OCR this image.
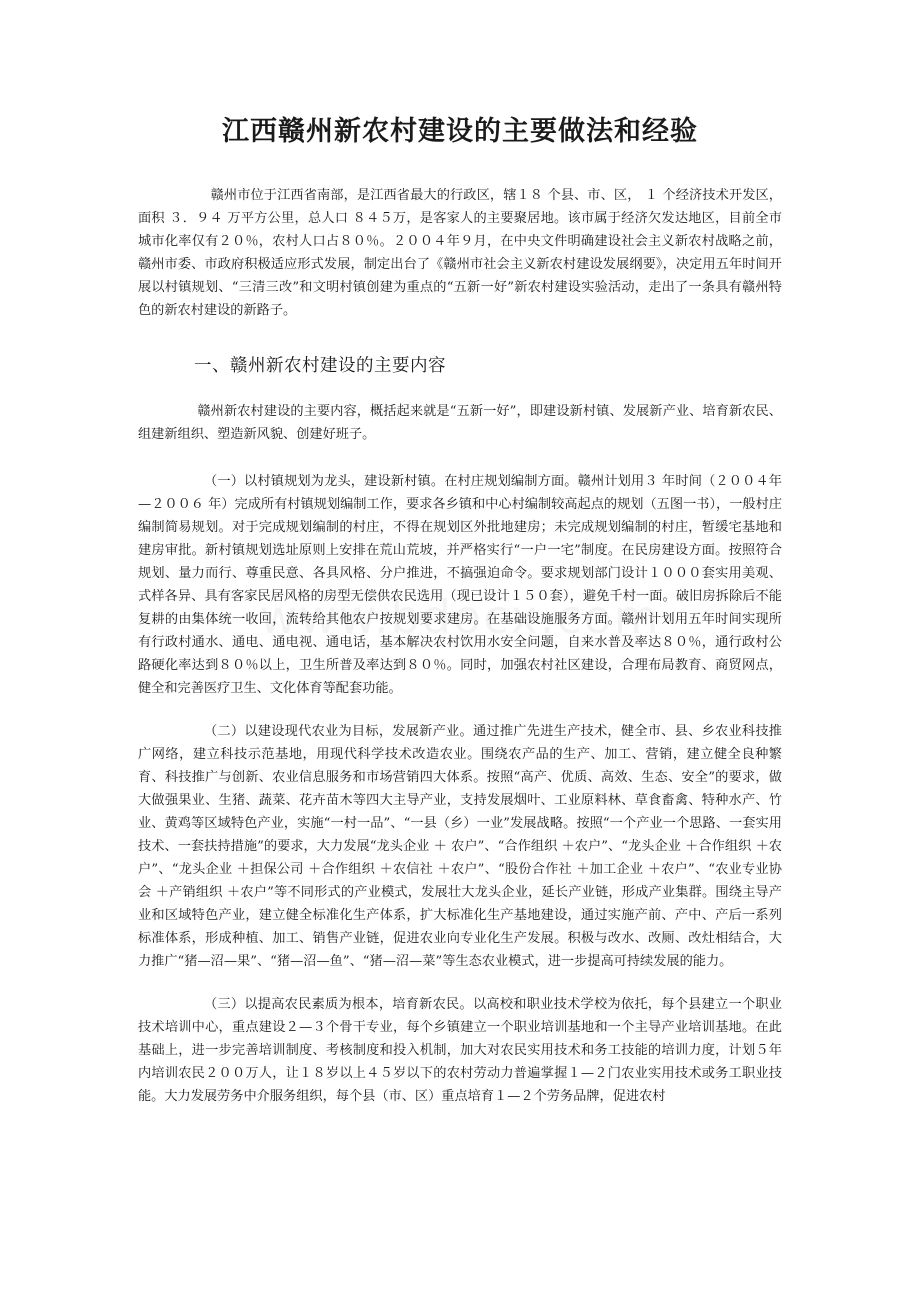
江西赣州新农村建设的主要做法和经验

赣州市位于江西省南部，是江西省最大的行政区，辖１８ 个县、市、区， １ 个经济技术开发区，面积 ３．９４ 万平方公里，总人口 ８４５万，是客家人的主要聚居地。该市属于经济欠发达地区，目前全市城市化率仅有２０％，农村人口占８０％。２００４年９月，在中央文件明确建设社会主义新农村战略之前，赣州市委、市政府积极适应形式发展，制定出台了《赣州市社会主义新农村建设发展纲要》，决定用五年时间开展以村镇规划、“三清三改”和文明村镇创建为重点的“五新一好”新农村建设实验活动，走出了一条具有赣州特色的新农村建设的新路子。

一、赣州新农村建设的主要内容

赣州新农村建设的主要内容，概括起来就是“五新一好”，即建设新村镇、发展新产业、培育新农民、组建新组织、塑造新风貌、创建好班子。

（一）以村镇规划为龙头，建设新村镇。在村庄规划编制方面。赣州计划用３ 年时间（２００４年—２００６ 年）完成所有村镇规划编制工作，要求各乡镇和中心村编制较高起点的规划（五图一书），一般村庄编制简易规划。对于完成规划编制的村庄，不得在规划区外批地建房；未完成规划编制的村庄，暂缓宅基地和建房审批。新村镇规划选址原则上安排在荒山荒坡，并严格实行“一户一宅”制度。在民房建设方面。按照符合规划、量力而行、尊重民意、各具风格、分户推进，不搞强迫命令。要求规划部门设计１０００套实用美观、式样各异、具有客家民居风格的房型无偿供农民选用（现已设计１５０套），避免千村一面。破旧房拆除后不能复耕的由集体统一收回，流转给其他农户按规划要求建房。在基础设施服务方面。赣州计划用五年时间实现所有行政村通水、通电、通电视、通电话，基本解决农村饮用水安全问题，自来水普及率达８０％，通行政村公路硬化率达到８０％以上，卫生所普及率达到８０％。同时，加强农村社区建设，合理布局教育、商贸网点，健全和完善医疗卫生、文化体育等配套功能。

（二）以建设现代农业为目标，发展新产业。通过推广先进生产技术，健全市、县、乡农业科技推广网络，建立科技示范基地，用现代科学技术改造农业。围绕农产品的生产、加工、营销，建立健全良种繁育、科技推广与创新、农业信息服务和市场营销四大体系。按照“高产、优质、高效、生态、安全”的要求，做大做强果业、生猪、蔬菜、花卉苗木等四大主导产业，支持发展烟叶、工业原料林、草食畜禽、特种水产、竹业、黄鸡等区域特色产业，实施“一村一品”、“一县（乡）一业”发展战略。按照“一个产业一个思路、一套实用技术、一套扶持措施”的要求，大力发展“龙头企业 ＋ 农户”、“合作组织 ＋农户”、“龙头企业 ＋合作组织 ＋农户”、“龙头企业 ＋担保公司 ＋合作组织 ＋农信社 ＋农户”、“股份合作社 ＋加工企业 ＋农户”、“农业专业协会 ＋产销组织 ＋农户”等不同形式的产业模式，发展壮大龙头企业，延长产业链，形成产业集群。围绕主导产业和区域特色产业，建立健全标准化生产体系，扩大标准化生产基地建设，通过实施产前、产中、产后一系列标准体系，形成种植、加工、销售产业链，促进农业向专业化生产发展。积极与改水、改厕、改灶相结合，大力推广“猪—沼—果”、“猪—沼—鱼”、“猪—沼—菜”等生态农业模式，进一步提高可持续发展的能力。

（三）以提高农民素质为根本，培育新农民。以高校和职业技术学校为依托，每个县建立一个职业技术培训中心，重点建设２—３个骨干专业，每个乡镇建立一个职业培训基地和一个主导产业培训基地。在此基础上，进一步完善培训制度、考核制度和投入机制，加大对农民实用技术和务工技能的培训力度，计划５年内培训农民２００万人，让１８岁以上４５岁以下的农村劳动力普遍掌握１—２门农业实用技术或务工职业技能。大力发展劳务中介服务组织，每个县（市、区）重点培育１—２个劳务品牌，促进农村
